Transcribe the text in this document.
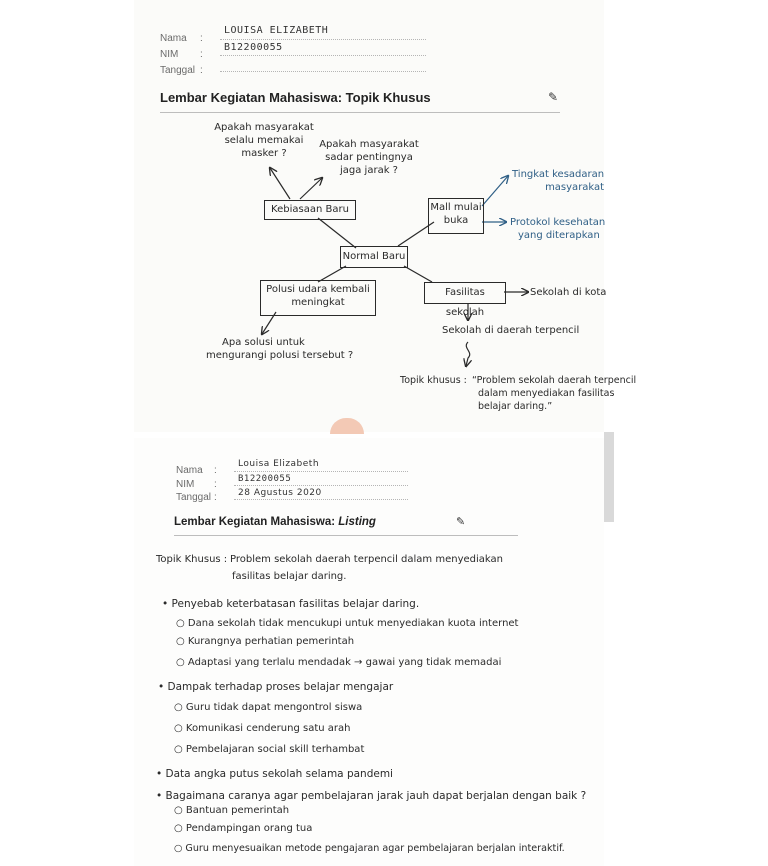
Nama :
LOUISA ELIZABETH
NIM :
B12200055
Tanggal :
Lembar Kegiatan Mahasiswa: Topik Khusus	✎
Apakah masyarakat
selalu memakai
masker ?
Apakah masyarakat
sadar pentingnya
jaga jarak ?
Kebiasaan Baru	Mall mulai
buka
Normal Baru
Polusi udara kembali
meningkat
Fasilitas sekolah
Tingkat kesadaran
masyarakat
Protokol kesehatan
yang diterapkan
Sekolah di kota
Sekolah di daerah terpencil
Apa solusi untuk
mengurangi polusi tersebut ?
Topik khusus : “Problem sekolah daerah terpencil
dalam menyediakan fasilitas
belajar daring.”
Nama :
Louisa Elizabeth
NIM : B12200055
Tanggal : 28 Agustus 2020
Lembar Kegiatan Mahasiswa: Listing	✎
Topik Khusus : Problem sekolah daerah terpencil dalam menyediakan
fasilitas belajar daring.
• Penyebab keterbatasan fasilitas belajar daring.
○ Dana sekolah tidak mencukupi untuk menyediakan kuota internet
○ Kurangnya perhatian pemerintah
○ Adaptasi yang terlalu mendadak → gawai yang tidak memadai
• Dampak terhadap proses belajar mengajar
○ Guru tidak dapat mengontrol siswa
○ Komunikasi cenderung satu arah
○ Pembelajaran social skill terhambat
• Data angka putus sekolah selama pandemi
• Bagaimana caranya agar pembelajaran jarak jauh dapat berjalan dengan baik ?
○ Bantuan pemerintah
○ Pendampingan orang tua
○ Guru menyesuaikan metode pengajaran agar pembelajaran berjalan interaktif.
